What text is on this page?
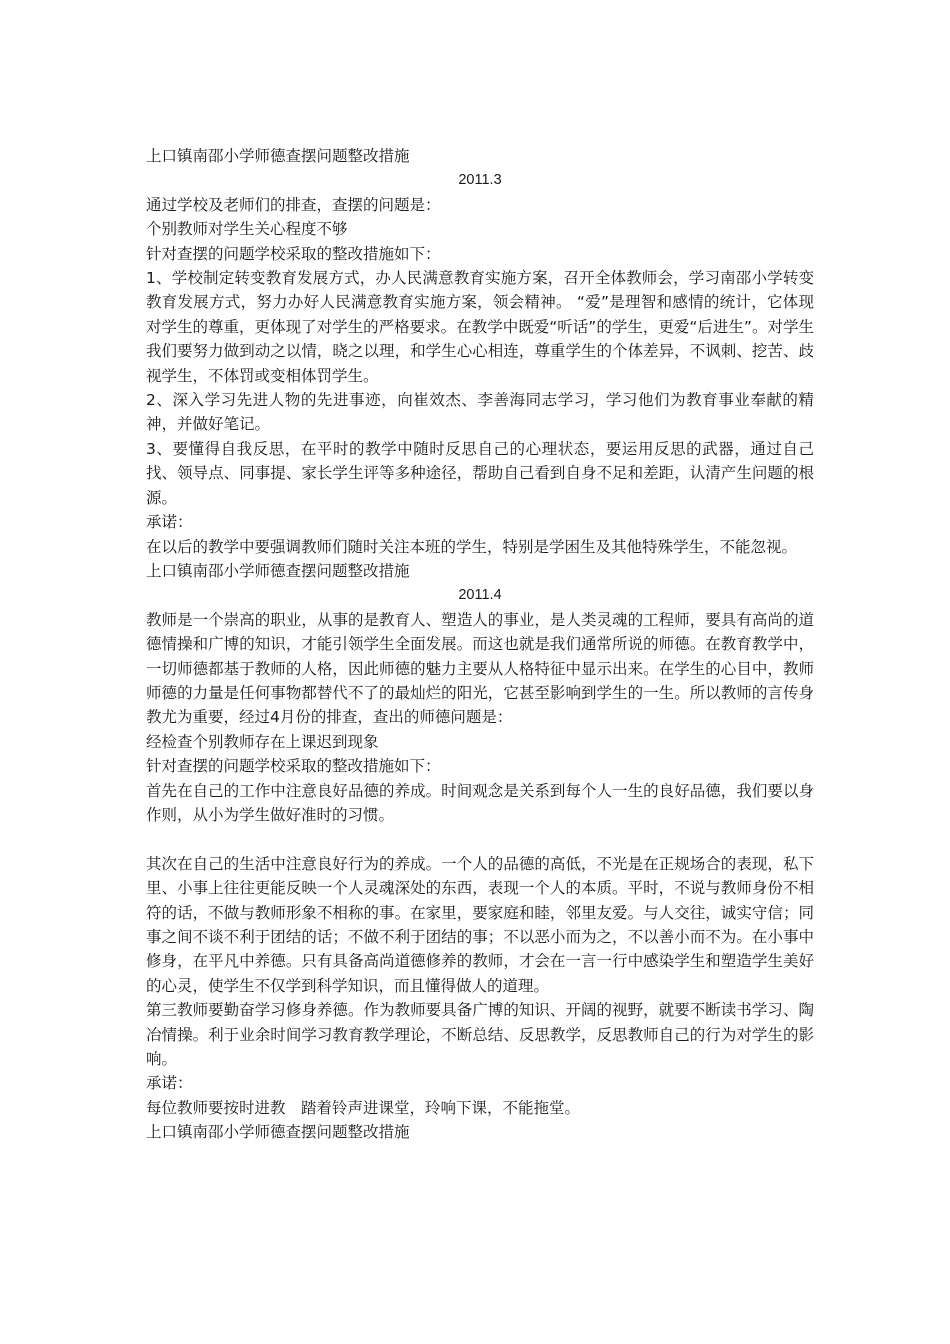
上口镇南邵小学师德查摆问题整改措施

2011.3

通过学校及老师们的排查，查摆的问题是：

个别教师对学生关心程度不够

针对查摆的问题学校采取的整改措施如下：

1、学校制定转变教育发展方式，办人民满意教育实施方案，召开全体教师会，学习南邵小学转变教育发展方式，努力办好人民满意教育实施方案，领会精神。 “爱”是理智和感情的统计，它体现对学生的尊重，更体现了对学生的严格要求。在教学中既爱“听话”的学生，更爱“后进生”。对学生我们要努力做到动之以情，晓之以理，和学生心心相连，尊重学生的个体差异，不讽刺、挖苦、歧视学生，不体罚或变相体罚学生。

2、深入学习先进人物的先进事迹，向崔效杰、李善海同志学习，学习他们为教育事业奉献的精神，并做好笔记。

3、要懂得自我反思，在平时的教学中随时反思自己的心理状态，要运用反思的武器，通过自己找、领导点、同事提、家长学生评等多种途径，帮助自己看到自身不足和差距，认清产生问题的根源。

承诺：

在以后的教学中要强调教师们随时关注本班的学生，特别是学困生及其他特殊学生，不能忽视。

上口镇南邵小学师德查摆问题整改措施

2011.4

教师是一个崇高的职业，从事的是教育人、塑造人的事业，是人类灵魂的工程师，要具有高尚的道德情操和广博的知识，才能引领学生全面发展。而这也就是我们通常所说的师德。在教育教学中，一切师德都基于教师的人格，因此师德的魅力主要从人格特征中显示出来。在学生的心目中，教师师德的力量是任何事物都替代不了的最灿烂的阳光，它甚至影响到学生的一生。所以教师的言传身教尤为重要，经过4月份的排查，查出的师德问题是：

经检查个别教师存在上课迟到现象

针对查摆的问题学校采取的整改措施如下：

首先在自己的工作中注意良好品德的养成。时间观念是关系到每个人一生的良好品德，我们要以身作则，从小为学生做好准时的习惯。

其次在自己的生活中注意良好行为的养成。一个人的品德的高低，不光是在正规场合的表现，私下里、小事上往往更能反映一个人灵魂深处的东西，表现一个人的本质。平时，不说与教师身份不相符的话，不做与教师形象不相称的事。在家里，要家庭和睦，邻里友爱。与人交往，诚实守信；同事之间不谈不利于团结的话；不做不利于团结的事；不以恶小而为之，不以善小而不为。在小事中修身，在平凡中养德。只有具备高尚道德修养的教师，才会在一言一行中感染学生和塑造学生美好的心灵，使学生不仅学到科学知识，而且懂得做人的道理。

第三教师要勤奋学习修身养德。作为教师要具备广博的知识、开阔的视野，就要不断读书学习、陶冶情操。利于业余时间学习教育教学理论，不断总结、反思教学，反思教师自己的行为对学生的影响。

承诺：

每位教师要按时进教　踏着铃声进课堂，玲响下课，不能拖堂。

上口镇南邵小学师德查摆问题整改措施
